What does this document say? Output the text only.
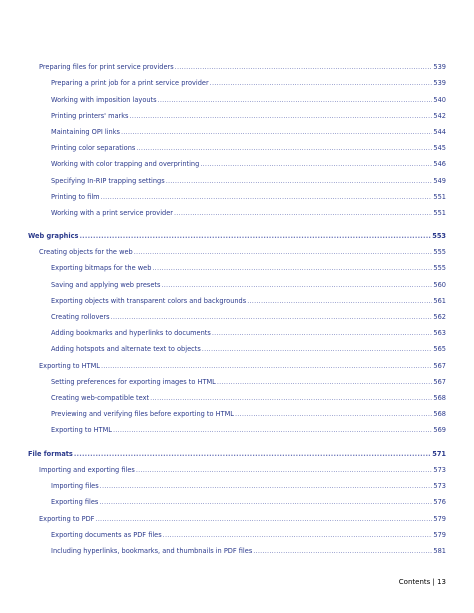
Preparing files for print service providers .....	539
Preparing a print job for a print service provider .....	539
Working with imposition layouts .....	540
Printing printers' marks .....	542
Maintaining OPI links .....	544
Printing color separations .....	545
Working with color trapping and overprinting .....	546
Specifying In-RIP trapping settings .....	549
Printing to film .....	551
Working with a print service provider .....	551
Web graphics .....	553
Creating objects for the web .....	555
Exporting bitmaps for the web .....	555
Saving and applying web presets .....	560
Exporting objects with transparent colors and backgrounds .....	561
Creating rollovers .....	562
Adding bookmarks and hyperlinks to documents .....	563
Adding hotspots and alternate text to objects .....	565
Exporting to HTML .....	567
Setting preferences for exporting images to HTML .....	567
Creating web-compatible text .....	568
Previewing and verifying files before exporting to HTML .....	568
Exporting to HTML .....	569
File formats .....	571
Importing and exporting files .....	573
Importing files .....	573
Exporting files .....	576
Exporting to PDF .....	579
Exporting documents as PDF files .....	579
Including hyperlinks, bookmarks, and thumbnails in PDF files .....	581
Contents | 13
